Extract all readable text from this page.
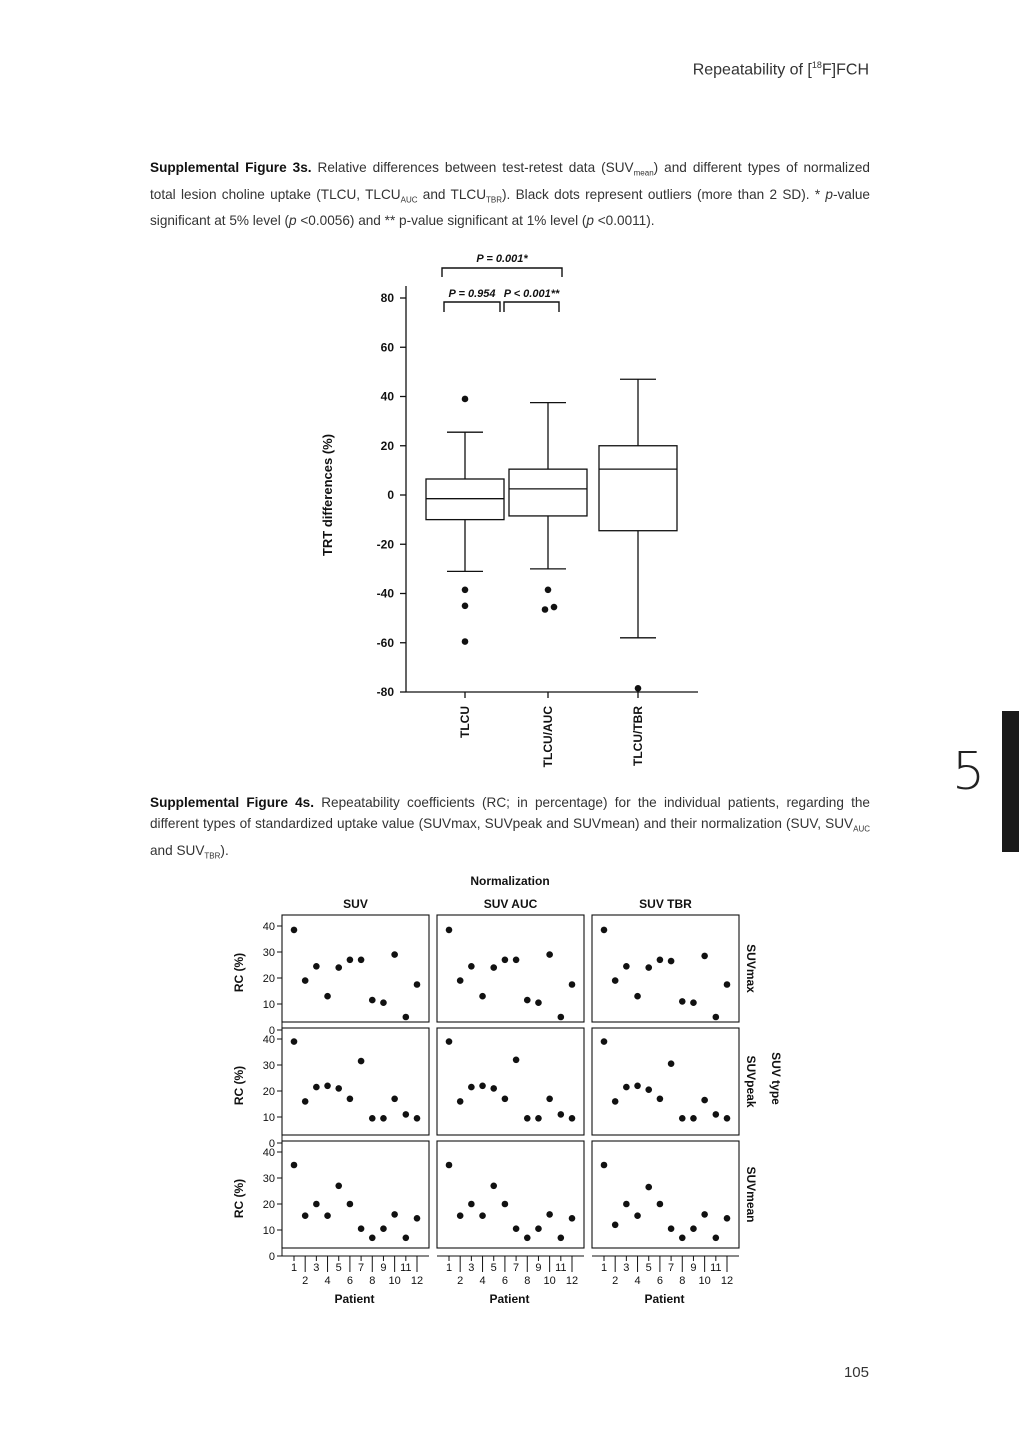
Repeatability of [$^{18}$F]FCH
Supplemental Figure 3s. Relative differences between test-retest data $(SUV_{mean})$ and different types of normalized total lesion choline uptake (TLCU, $TLCU_{AUC}$ and $TLCU_{TBR}$). Black dots represent outliers (more than 2 SD). * p-value significant at 5% level (p <0.0056) and ** p-value significant at 1% level (p <0.0011).
80
60
40
20
0
-20
-40
-60
-80
TRT differences (%)
TLCU	TLCU/AUC	TLCU/TBR
P = 0.001*
P = 0.954 P < 0.001**
Supplemental Figure 4s. Repeatability coefficients (RC; in percentage) for the individual patients, regarding the different types of standardized uptake value (SUVmax, SUVpeak and SUVmean) and their normalization (SUV, $SUV_{AUC}$ and $SUV_{TBR}$).
Normalization
SUV	SUV AUC	SUV TBR
SUVmax
RC (%)
0
10
20
30
40
SUVpeak
RC (%)
0
10
20
30
40
SUVmean
RC (%)
0
10
20
30
40
SUV type
1 3 5 7 9 11
2 4 6 8 10 12
Patient
1 3 5 7 9 11
2 4 6 8 10 12
Patient
1 3 5 7 9 11
2 4 6 8 10 12
Patient
5
105
